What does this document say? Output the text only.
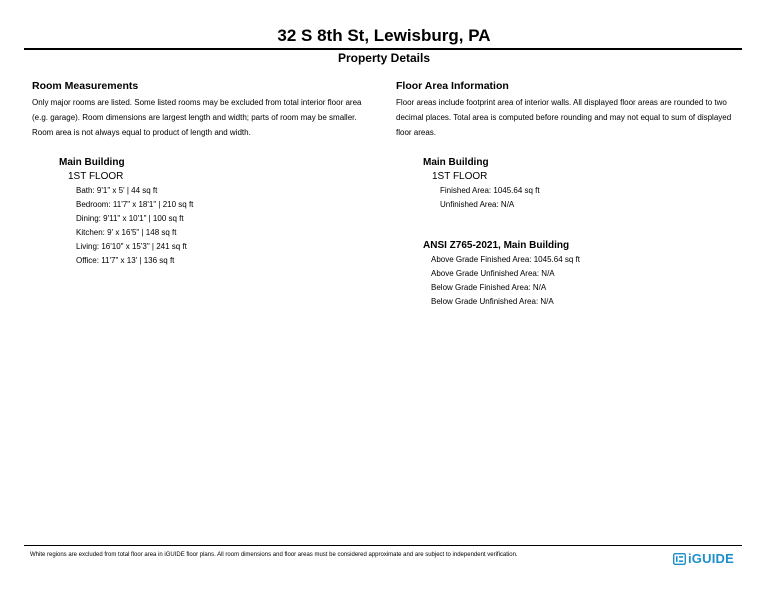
32 S 8th St, Lewisburg, PA
Property Details
Room Measurements

Only major rooms are listed. Some listed rooms may be excluded from total interior floor area
(e.g. garage). Room dimensions are largest length and width; parts of room may be smaller.
Room area is not always equal to product of length and width.

Main Building
1ST FLOOR
Bath: 9'1" x 5' | 44 sq ft
Bedroom: 11'7" x 18'1" | 210 sq ft
Dining: 9'11" x 10'1" | 100 sq ft
Kitchen: 9' x 16'5" | 148 sq ft
Living: 16'10" x 15'3" | 241 sq ft
Office: 11'7" x 13' | 136 sq ft
Floor Area Information

Floor areas include footprint area of interior walls. All displayed floor areas are rounded to two
decimal places. Total area is computed before rounding and may not equal to sum of displayed
floor areas.

Main Building
1ST FLOOR
Finished Area: 1045.64 sq ft
Unfinished Area: N/A
ANSI Z765-2021, Main Building
Above Grade Finished Area: 1045.64 sq ft
Above Grade Unfinished Area: N/A
Below Grade Finished Area: N/A
Below Grade Unfinished Area: N/A
White regions are excluded from total floor area in iGUIDE floor plans. All room dimensions and floor areas must be considered approximate and are subject to independent verification.	iGUIDE
